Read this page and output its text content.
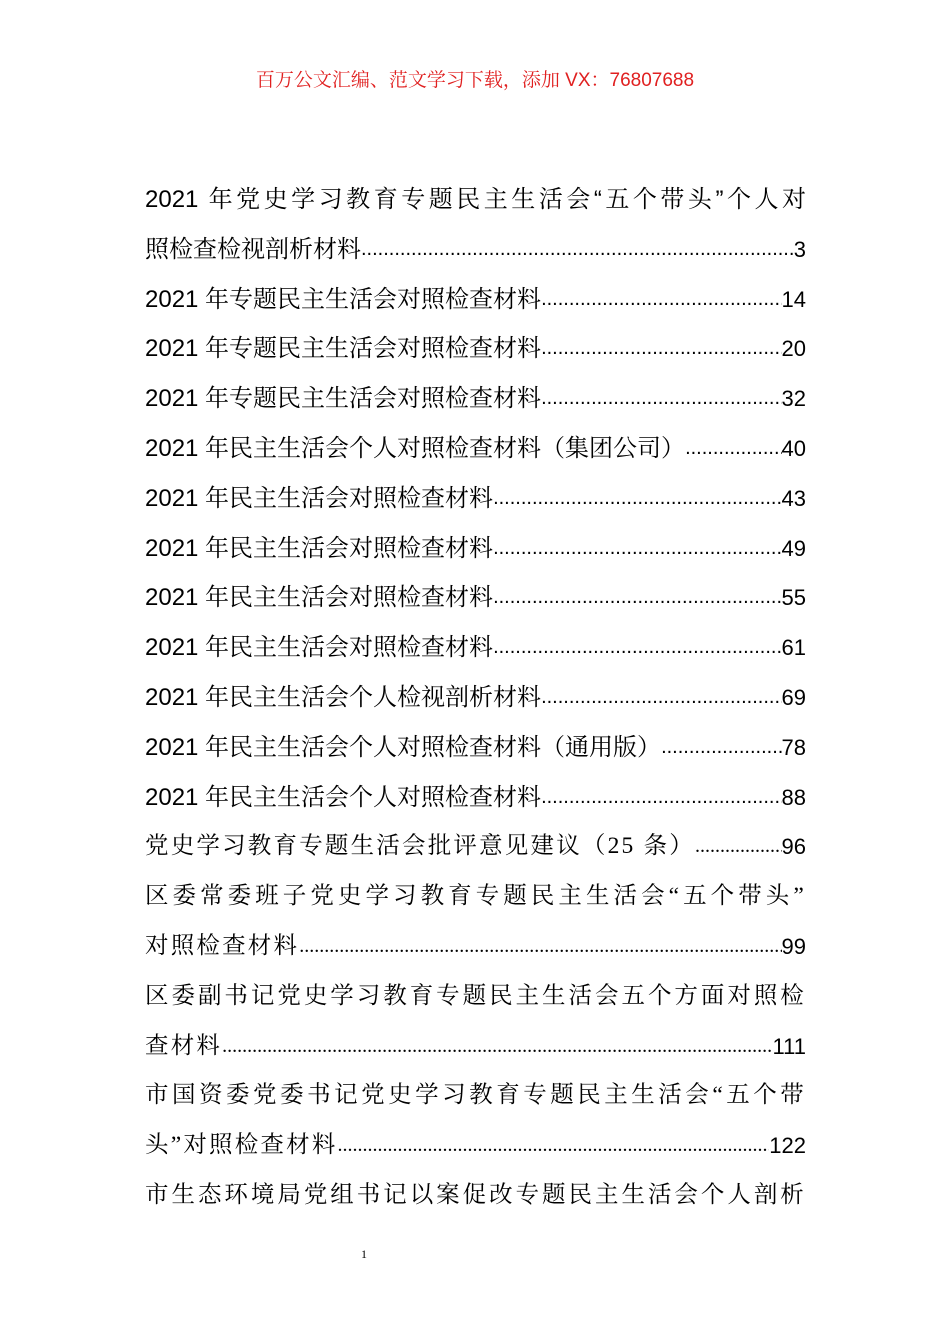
百万公文汇编、范文学习下载，添加 VX：76807688
2021 年党史学习教育专题民主生活会“五个带头”个人对
照检查检视剖析材料 .....	3
2021 年专题民主生活会对照检查材料 .....	14
2021 年专题民主生活会对照检查材料 .....	20
2021 年专题民主生活会对照检查材料 .....	32
2021 年民主生活会个人对照检查材料（集团公司） .....	40
2021 年民主生活会对照检查材料 .....	43
2021 年民主生活会对照检查材料 .....	49
2021 年民主生活会对照检查材料 .....	55
2021 年民主生活会对照检查材料 .....	61
2021 年民主生活会个人检视剖析材料 .....	69
2021 年民主生活会个人对照检查材料（通用版） .....	78
2021 年民主生活会个人对照检查材料 .....	88
党史学习教育专题生活会批评意见建议（25 条） .....	96
区委常委班子党史学习教育专题民主生活会“五个带头”
对照检查材料 .....	99
区委副书记党史学习教育专题民主生活会五个方面对照检
查材料 .....	111
市国资委党委书记党史学习教育专题民主生活会“五个带
头”对照检查材料 .....	122
市生态环境局党组书记以案促改专题民主生活会个人剖析
1
